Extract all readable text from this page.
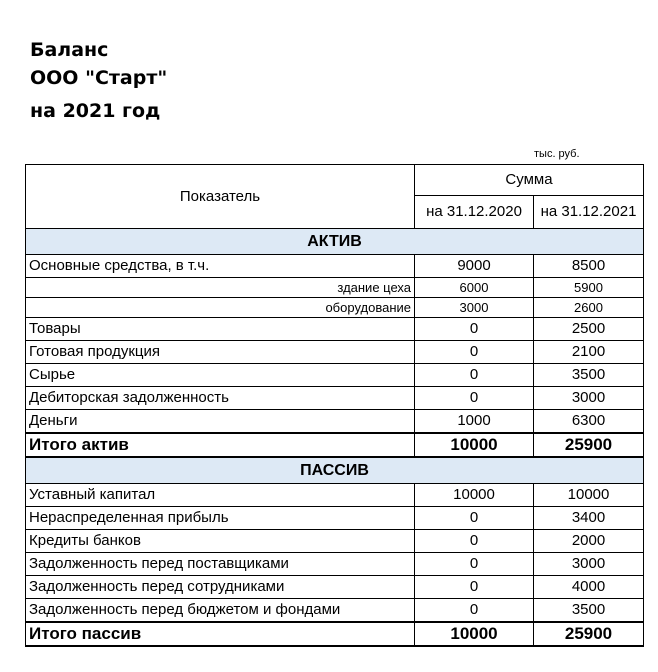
Баланс
ООО "Старт"
на 2021 год
тыс. руб.
Показатель	Сумма	
	на 31.12.2020	на 31.12.2021
АКТИВ		
Основные средства, в т.ч.	9000	8500
здание цеха	6000	5900
оборудование	3000	2600
Товары	0	2500
Готовая продукция	0	2100
Сырье	0	3500
Дебиторская задолженность	0	3000
Деньги	1000	6300
Итого актив	10000	25900
ПАССИВ		
Уставный капитал	10000	10000
Нераспределенная прибыль	0	3400
Кредиты банков	0	2000
Задолженность перед поставщиками	0	3000
Задолженность перед сотрудниками	0	4000
Задолженность перед бюджетом и фондами	0	3500
Итого пассив	10000	25900
